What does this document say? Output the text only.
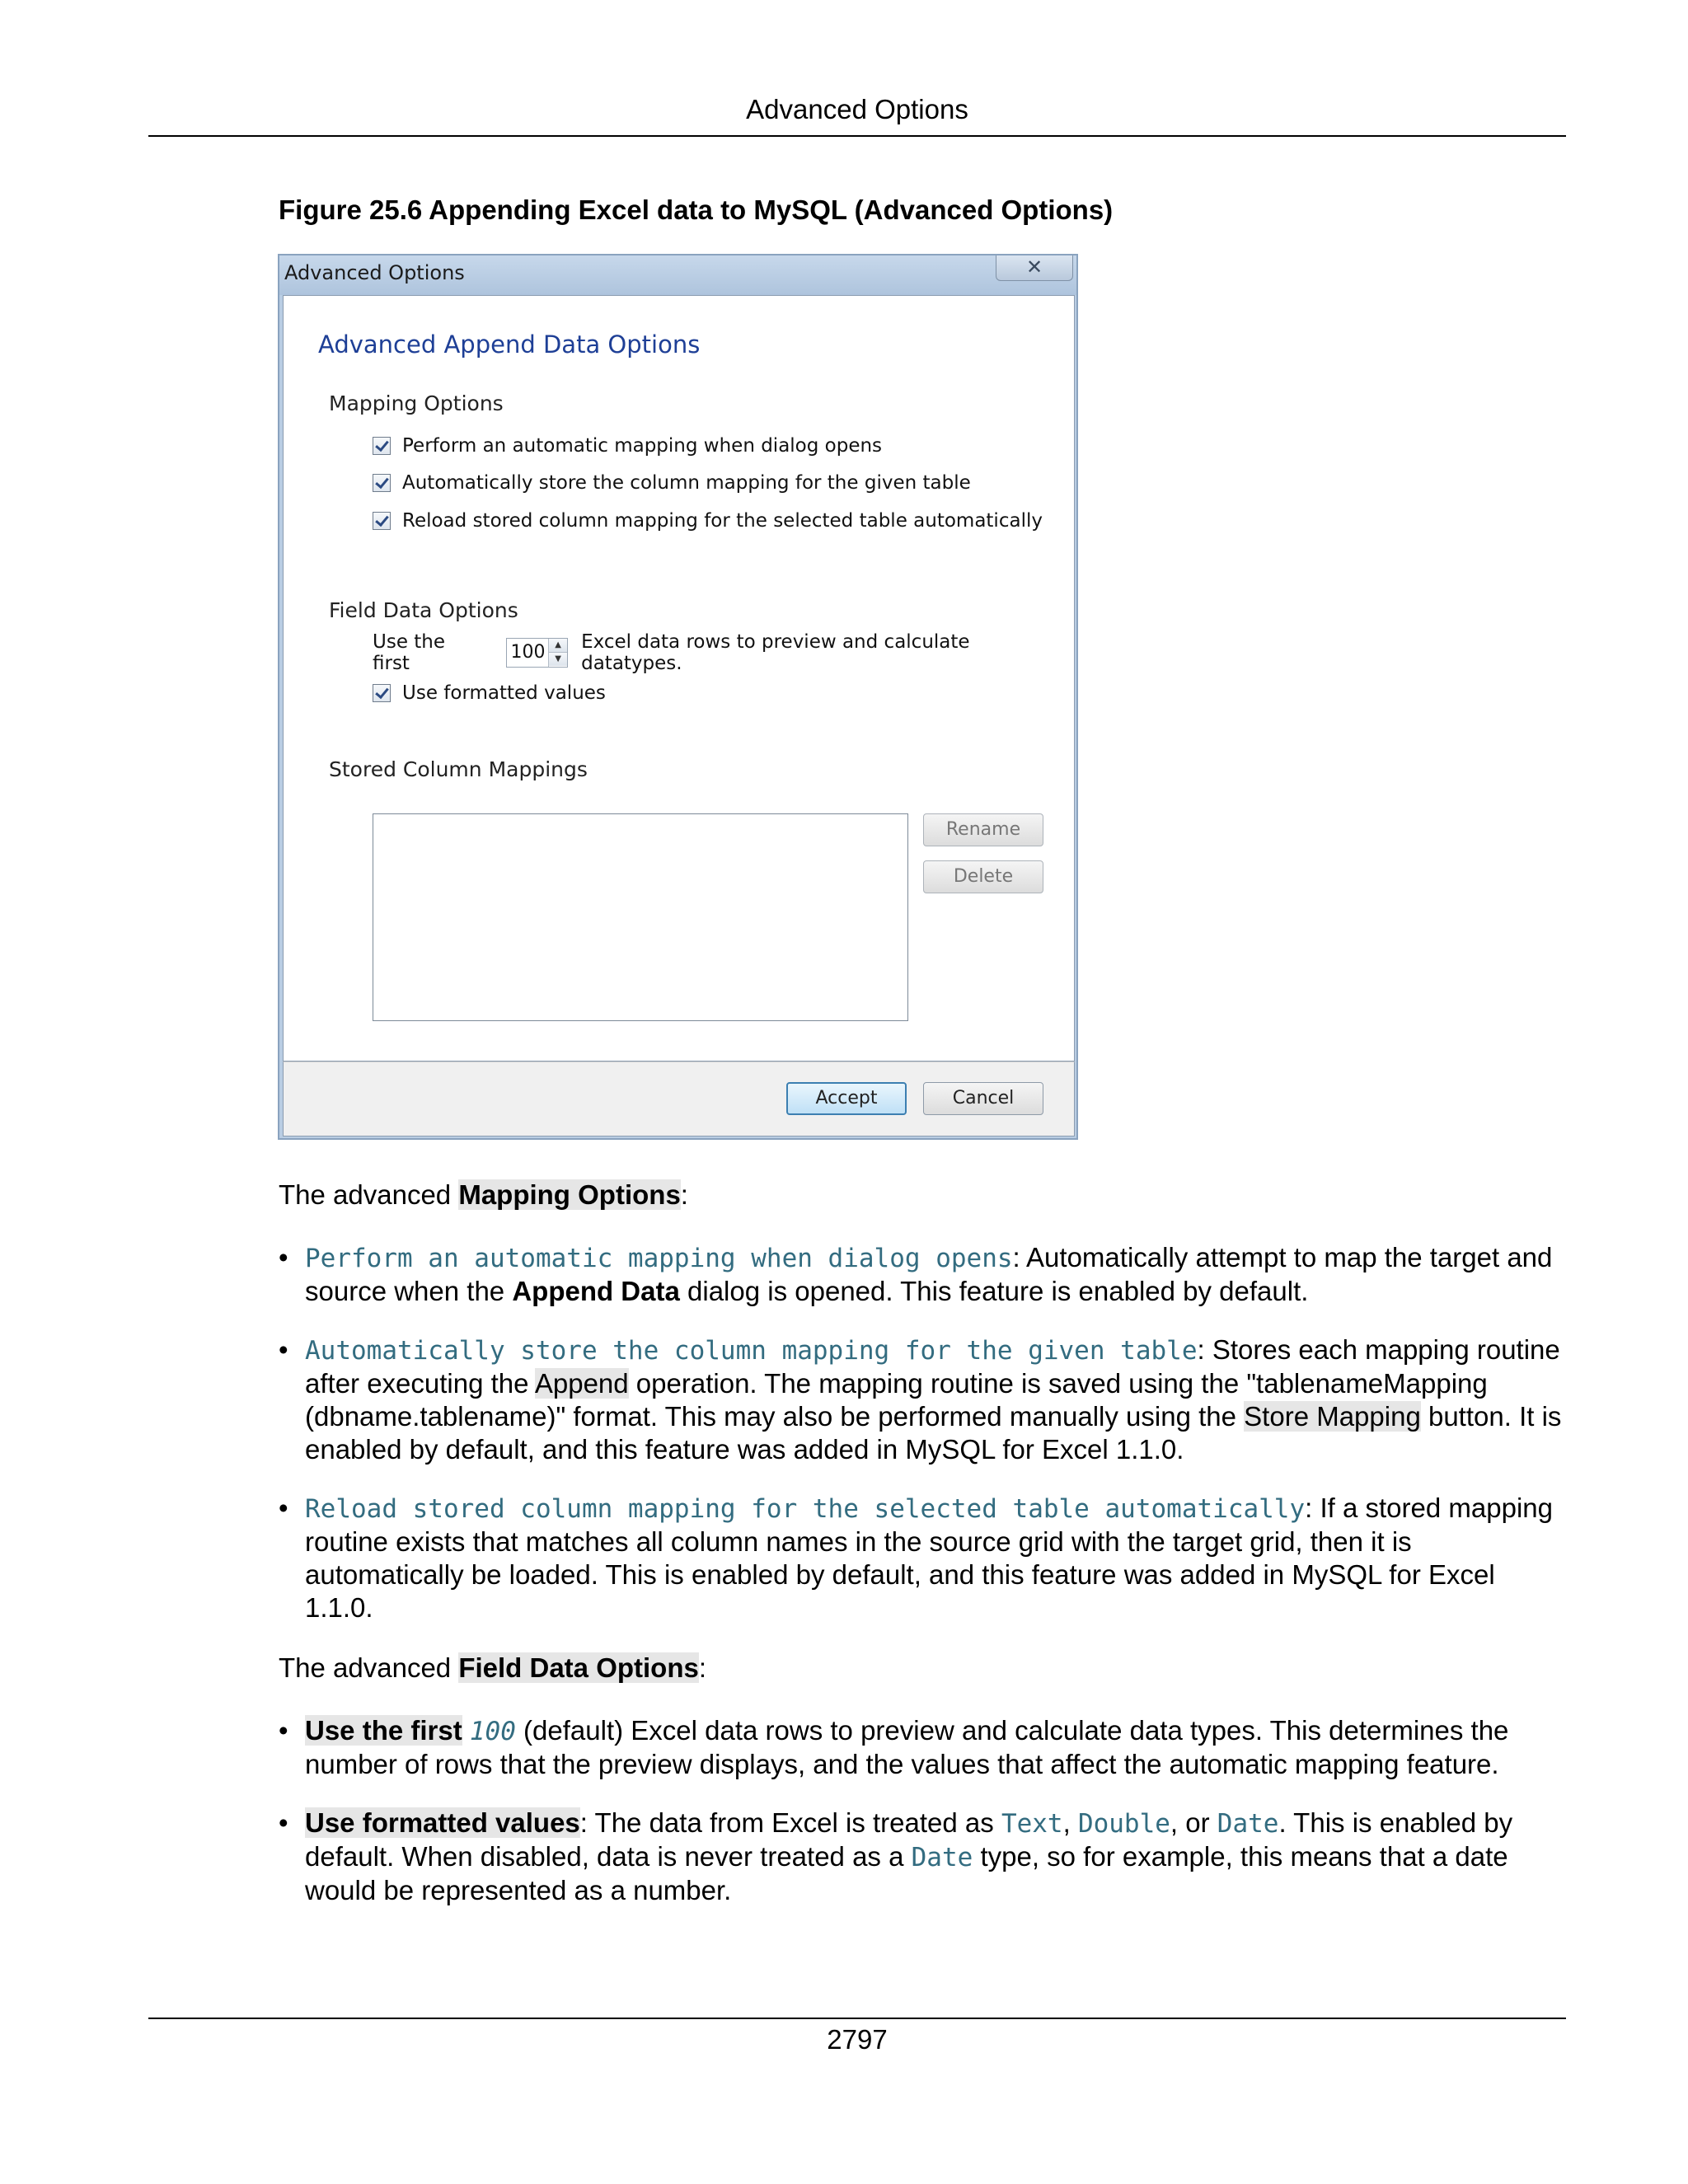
Advanced Options
Figure 25.6 Appending Excel data to MySQL (Advanced Options)
Advanced Options	✕
Advanced Append Data Options
Mapping Options
Perform an automatic mapping when dialog opens
Automatically store the column mapping for the given table
Reload stored column mapping for the selected table automatically
Field Data Options
Use the first
100	▲
▼
Excel data rows to preview and calculate datatypes.
Use formatted values
Stored Column Mappings
Rename
Delete
Accept	Cancel
The advanced Mapping Options:
• Perform an automatic mapping when dialog opens: Automatically attempt to map the target and source when the Append Data dialog is opened. This feature is enabled by default.
• Automatically store the column mapping for the given table: Stores each mapping routine after executing the Append operation. The mapping routine is saved using the "tablenameMapping (dbname.tablename)" format. This may also be performed manually using the Store Mapping button. It is enabled by default, and this feature was added in MySQL for Excel 1.1.0.
• Reload stored column mapping for the selected table automatically: If a stored mapping routine exists that matches all column names in the source grid with the target grid, then it is automatically be loaded. This is enabled by default, and this feature was added in MySQL for Excel 1.1.0.
The advanced Field Data Options:
• Use the first 100 (default) Excel data rows to preview and calculate data types. This determines the number of rows that the preview displays, and the values that affect the automatic mapping feature.
• Use formatted values: The data from Excel is treated as Text, Double, or Date. This is enabled by default. When disabled, data is never treated as a Date type, so for example, this means that a date would be represented as a number.
2797
